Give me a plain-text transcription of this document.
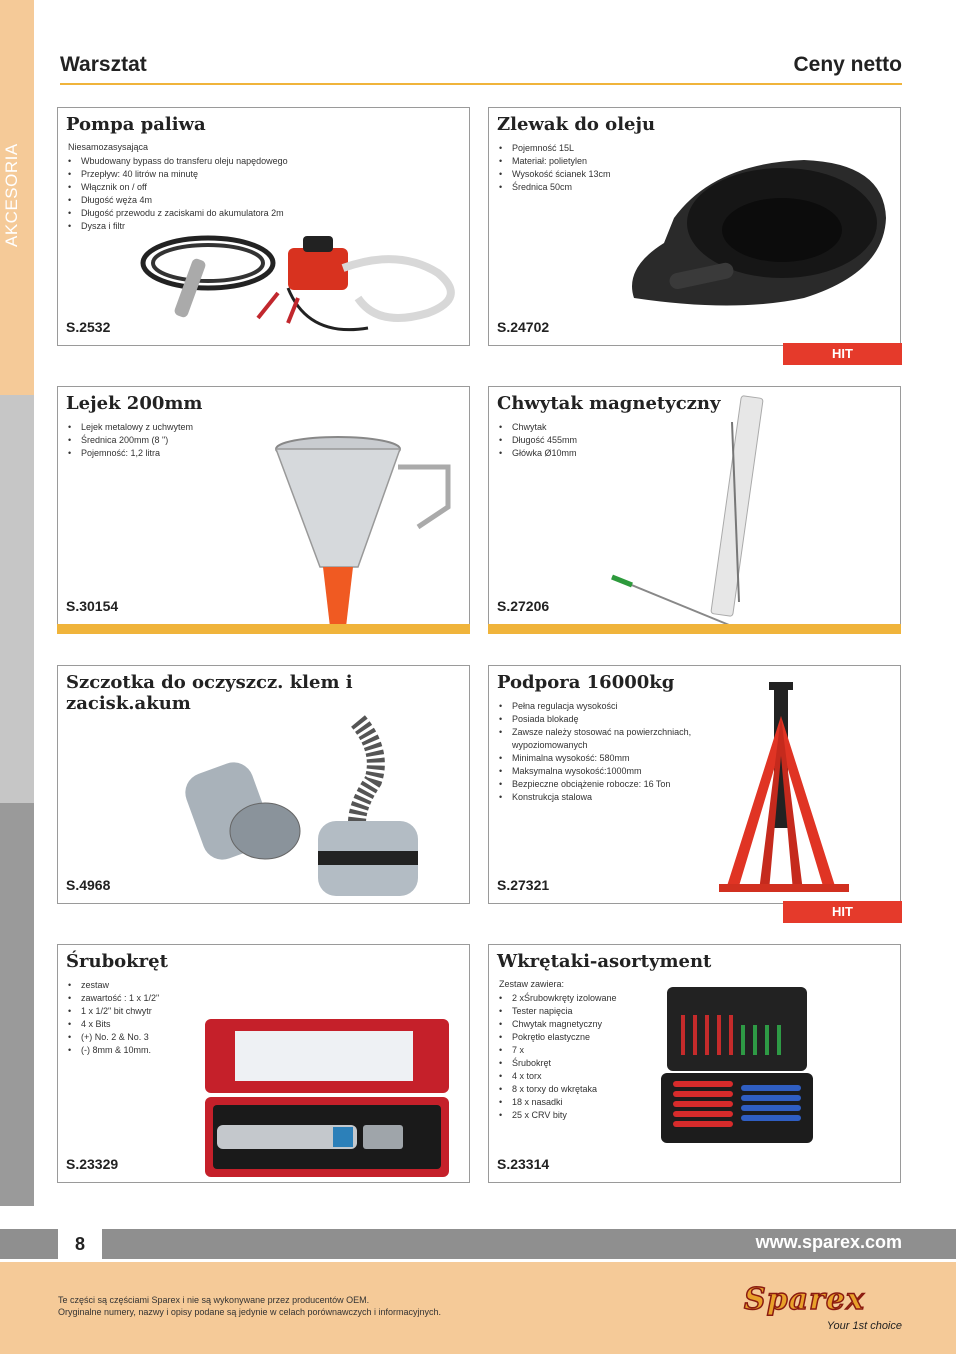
AKCESORIA
Warsztat	Ceny netto
Pompa paliwa
Niesamozasysająca
• Wbudowany bypass do transferu oleju napędowego
• Przepływ: 40 litrów na minutę
• Włącznik on / off
• Długość węża 4m
• Długość przewodu z zaciskami do akumulatora 2m
• Dysza i filtr
S.2532
Zlewak do oleju
• Pojemność 15L
• Materiał: polietylen
• Wysokość ścianek 13cm
• Średnica 50cm
S.24702
HIT SPRZEDAŻOWY
Lejek 200mm
• Lejek metalowy z uchwytem
• Średnica 200mm (8 ")
• Pojemność: 1,2 litra
S.30154
Chwytak magnetyczny
• Chwytak
• Długość 455mm
• Główka Ø10mm
S.27206
Szczotka do oczyszcz. klem i zacisk.akum
S.4968
Podpora 16000kg
• Pełna regulacja wysokości
• Posiada blokadę
• Zawsze należy stosować na powierzchniach, wypoziomowanych
• Minimalna wysokość: 580mm
• Maksymalna wysokość:1000mm
• Bezpieczne obciążenie robocze: 16 Ton
• Konstrukcja stalowa
S.27321
HIT SPRZEDAŻOWY
Śrubokręt
• zestaw
• zawartość : 1 x 1/2"
• 1 x 1/2" bit chwytr
• 4 x Bits
• (+) No. 2 & No. 3
• (-) 8mm & 10mm.
S.23329
Wkrętaki-asortyment
Zestaw zawiera:
• 2 xŚrubowkręty izolowane
• Tester napięcia
• Chwytak magnetyczny
• Pokrętło elastyczne
• 7 x
• Śrubokręt
• 4 x torx
• 8 x torxy do wkrętaka
• 18 x nasadki
• 25 x CRV bity
S.23314
8	www.sparex.com
Te części są częściami Sparex i nie są wykonywane przez producentów OEM.
Oryginalne numery, nazwy i opisy podane są jedynie w celach porównawczych i informacyjnych.	Sparex
Your 1st choice
